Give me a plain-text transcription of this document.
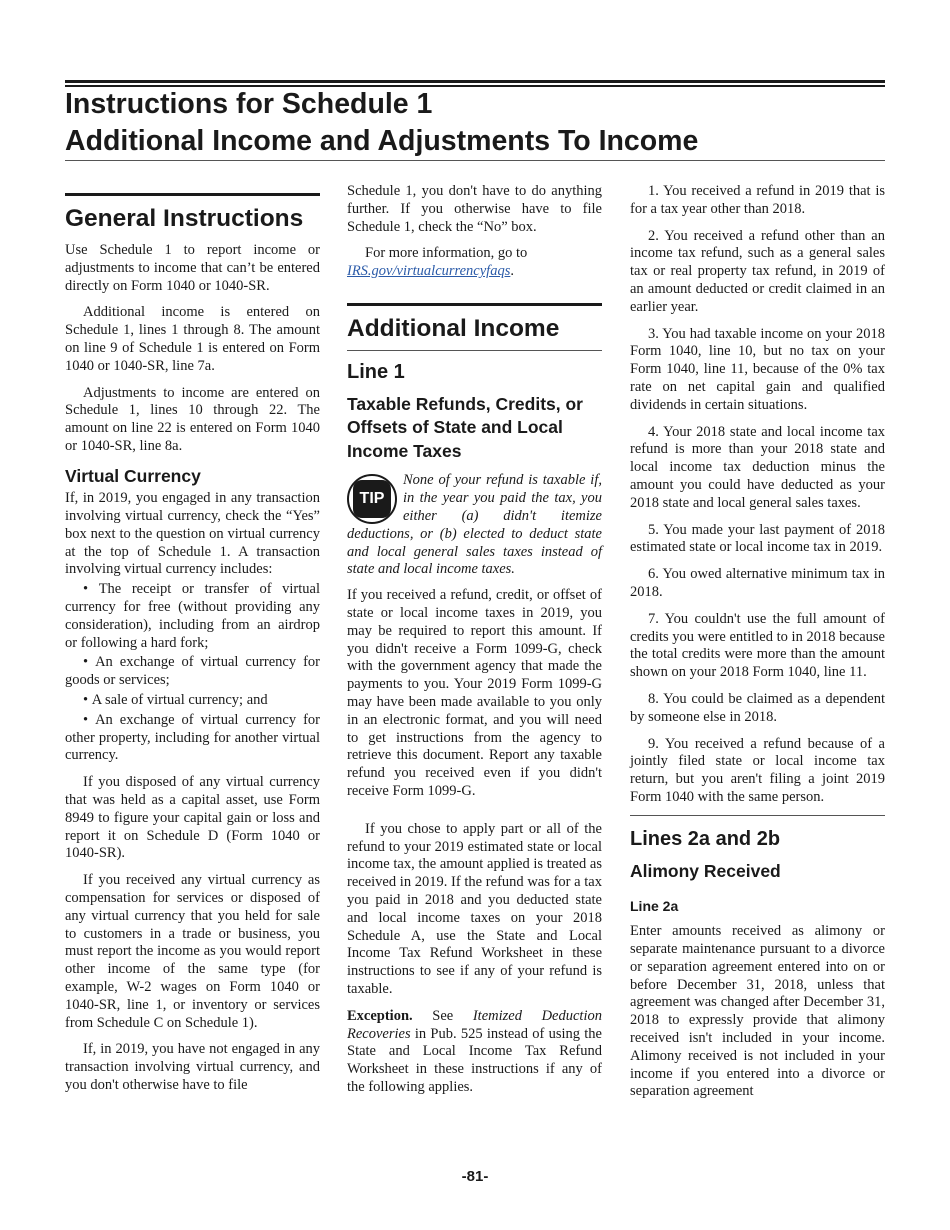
Instructions for Schedule 1
Additional Income and Adjustments To Income
General Instructions

Use Schedule 1 to report income or adjustments to income that can’t be entered directly on Form 1040 or 1040-SR.

Additional income is entered on Schedule 1, lines 1 through 8. The amount on line 9 of Schedule 1 is entered on Form 1040 or 1040-SR, line 7a.

Adjustments to income are entered on Schedule 1, lines 10 through 22. The amount on line 22 is entered on Form 1040 or 1040-SR, line 8a.

Virtual Currency

If, in 2019, you engaged in any transaction involving virtual currency, check the “Yes” box next to the question on virtual currency at the top of Schedule 1. A transaction involving virtual currency includes:

• The receipt or transfer of virtual currency for free (without providing any consideration), including from an airdrop or following a hard fork;

• An exchange of virtual currency for goods or services;

• A sale of virtual currency; and

• An exchange of virtual currency for other property, including for another virtual currency.

If you disposed of any virtual currency that was held as a capital asset, use Form 8949 to figure your capital gain or loss and report it on Schedule D (Form 1040 or 1040-SR).

If you received any virtual currency as compensation for services or disposed of any virtual currency that you held for sale to customers in a trade or business, you must report the income as you would report other income of the same type (for example, W-2 wages on Form 1040 or 1040-SR, line 1, or inventory or services from Schedule C on Schedule 1).

If, in 2019, you have not engaged in any transaction involving virtual currency, and you don't otherwise have to file

Schedule 1, you don't have to do anything further. If you otherwise have to file Schedule 1, check the “No” box.

For more information, go to IRS.gov/virtualcurrencyfaqs.

Additional Income
Line 1
Taxable Refunds, Credits, or Offsets of State and Local Income Taxes
TIP
None of your refund is taxable if, in the year you paid the tax, you either (a) didn't itemize deductions, or (b) elected to deduct state and local general sales taxes instead of state and local income taxes.

If you received a refund, credit, or offset of state or local income taxes in 2019, you may be required to report this amount. If you didn't receive a Form 1099-G, check with the government agency that made the payments to you. Your 2019 Form 1099-G may have been made available to you only in an electronic format, and you will need to get instructions from the agency to retrieve this document. Report any taxable refund you received even if you didn't receive Form 1099-G.

If you chose to apply part or all of the refund to your 2019 estimated state or local income tax, the amount applied is treated as received in 2019. If the refund was for a tax you paid in 2018 and you deducted state and local income taxes on your 2018 Schedule A, use the State and Local Income Tax Refund Worksheet in these instructions to see if any of your refund is taxable.

Exception. See Itemized Deduction Recoveries in Pub. 525 instead of using the State and Local Income Tax Refund Worksheet in these instructions if any of the following applies.

1. You received a refund in 2019 that is for a tax year other than 2018.

2. You received a refund other than an income tax refund, such as a general sales tax or real property tax refund, in 2019 of an amount deducted or credit claimed in an earlier year.

3. You had taxable income on your 2018 Form 1040, line 10, but no tax on your Form 1040, line 11, because of the 0% tax rate on net capital gain and qualified dividends in certain situations.

4. Your 2018 state and local income tax refund is more than your 2018 state and local income tax deduction minus the amount you could have deducted as your 2018 state and local general sales taxes.

5. You made your last payment of 2018 estimated state or local income tax in 2019.

6. You owed alternative minimum tax in 2018.

7. You couldn't use the full amount of credits you were entitled to in 2018 because the total credits were more than the amount shown on your 2018 Form 1040, line 11.

8. You could be claimed as a dependent by someone else in 2018.

9. You received a refund because of a jointly filed state or local income tax return, but you aren't filing a joint 2019 Form 1040 with the same person.

Lines 2a and 2b
Alimony Received
Line 2a

Enter amounts received as alimony or separate maintenance pursuant to a divorce or separation agreement entered into on or before December 31, 2018, unless that agreement was changed after December 31, 2018 to expressly provide that alimony received isn't included in your income. Alimony received is not included in your income if you entered into a divorce or separation agreement

-81-
